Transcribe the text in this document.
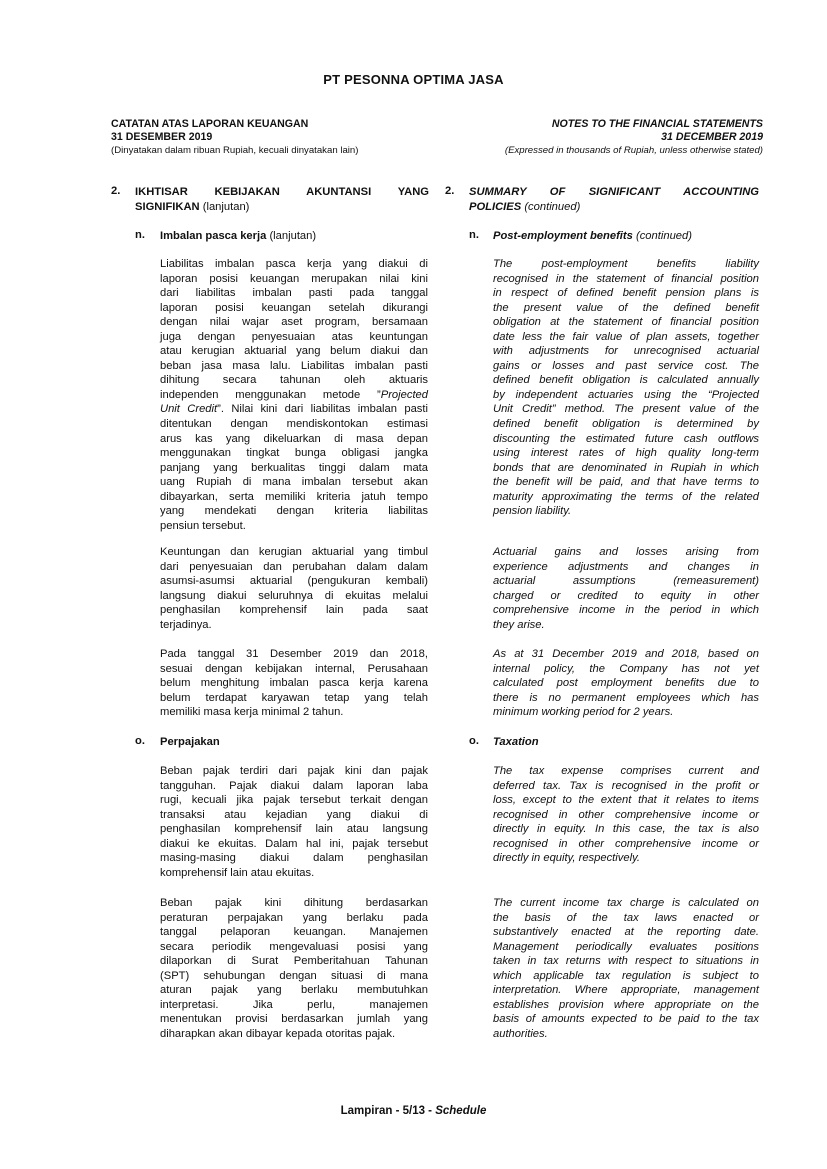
PT PESONNA OPTIMA JASA
CATATAN ATAS LAPORAN KEUANGAN
31 DESEMBER 2019
(Dinyatakan dalam ribuan Rupiah, kecuali dinyatakan lain)
NOTES TO THE FINANCIAL STATEMENTS
31 DECEMBER 2019
(Expressed in thousands of Rupiah, unless otherwise stated)
2. IKHTISAR KEBIJAKAN AKUNTANSI YANG
SIGNIFIKAN (lanjutan)
2. SUMMARY OF SIGNIFICANT ACCOUNTING
POLICIES (continued)
n. Imbalan pasca kerja (lanjutan)	n. Post-employment benefits (continued)
Liabilitas imbalan pasca kerja yang diakui di
laporan posisi keuangan merupakan nilai kini
dari liabilitas imbalan pasti pada tanggal
laporan posisi keuangan setelah dikurangi
dengan nilai wajar aset program, bersamaan
juga dengan penyesuaian atas keuntungan
atau kerugian aktuarial yang belum diakui dan
beban jasa masa lalu. Liabilitas imbalan pasti
dihitung secara tahunan oleh aktuaris
independen menggunakan metode ”Projected
Unit Credit”. Nilai kini dari liabilitas imbalan pasti
ditentukan dengan mendiskontokan estimasi
arus kas yang dikeluarkan di masa depan
menggunakan tingkat bunga obligasi jangka
panjang yang berkualitas tinggi dalam mata
uang Rupiah di mana imbalan tersebut akan
dibayarkan, serta memiliki kriteria jatuh tempo
yang mendekati dengan kriteria liabilitas
pensiun tersebut.
The post-employment benefits liability
recognised in the statement of financial position
in respect of defined benefit pension plans is
the present value of the defined benefit
obligation at the statement of financial position
date less the fair value of plan assets, together
with adjustments for unrecognised actuarial
gains or losses and past service cost. The
defined benefit obligation is calculated annually
by independent actuaries using the “Projected
Unit Credit” method. The present value of the
defined benefit obligation is determined by
discounting the estimated future cash outflows
using interest rates of high quality long-term
bonds that are denominated in Rupiah in which
the benefit will be paid, and that have terms to
maturity approximating the terms of the related
pension liability.
Keuntungan dan kerugian aktuarial yang timbul
dari penyesuaian dan perubahan dalam dalam
asumsi-asumsi aktuarial (pengukuran kembali)
langsung diakui seluruhnya di ekuitas melalui
penghasilan komprehensif lain pada saat
terjadinya.
Actuarial gains and losses arising from
experience adjustments and changes in
actuarial assumptions (remeasurement)
charged or credited to equity in other
comprehensive income in the period in which
they arise.
Pada tanggal 31 Desember 2019 dan 2018,
sesuai dengan kebijakan internal, Perusahaan
belum menghitung imbalan pasca kerja karena
belum terdapat karyawan tetap yang telah
memiliki masa kerja minimal 2 tahun.
As at 31 December 2019 and 2018, based on
internal policy, the Company has not yet
calculated post employment benefits due to
there is no permanent employees which has
minimum working period for 2 years.
o. Perpajakan	o. Taxation
Beban pajak terdiri dari pajak kini dan pajak
tangguhan. Pajak diakui dalam laporan laba
rugi, kecuali jika pajak tersebut terkait dengan
transaksi atau kejadian yang diakui di
penghasilan komprehensif lain atau langsung
diakui ke ekuitas. Dalam hal ini, pajak tersebut
masing-masing diakui dalam penghasilan
komprehensif lain atau ekuitas.
The tax expense comprises current and
deferred tax. Tax is recognised in the profit or
loss, except to the extent that it relates to items
recognised in other comprehensive income or
directly in equity. In this case, the tax is also
recognised in other comprehensive income or
directly in equity, respectively.
Beban pajak kini dihitung berdasarkan
peraturan perpajakan yang berlaku pada
tanggal pelaporan keuangan. Manajemen
secara periodik mengevaluasi posisi yang
dilaporkan di Surat Pemberitahuan Tahunan
(SPT) sehubungan dengan situasi di mana
aturan pajak yang berlaku membutuhkan
interpretasi. Jika perlu, manajemen
menentukan provisi berdasarkan jumlah yang
diharapkan akan dibayar kepada otoritas pajak.
The current income tax charge is calculated on
the basis of the tax laws enacted or
substantively enacted at the reporting date.
Management periodically evaluates positions
taken in tax returns with respect to situations in
which applicable tax regulation is subject to
interpretation. Where appropriate, management
establishes provision where appropriate on the
basis of amounts expected to be paid to the tax
authorities.
Lampiran - 5/13 - Schedule
